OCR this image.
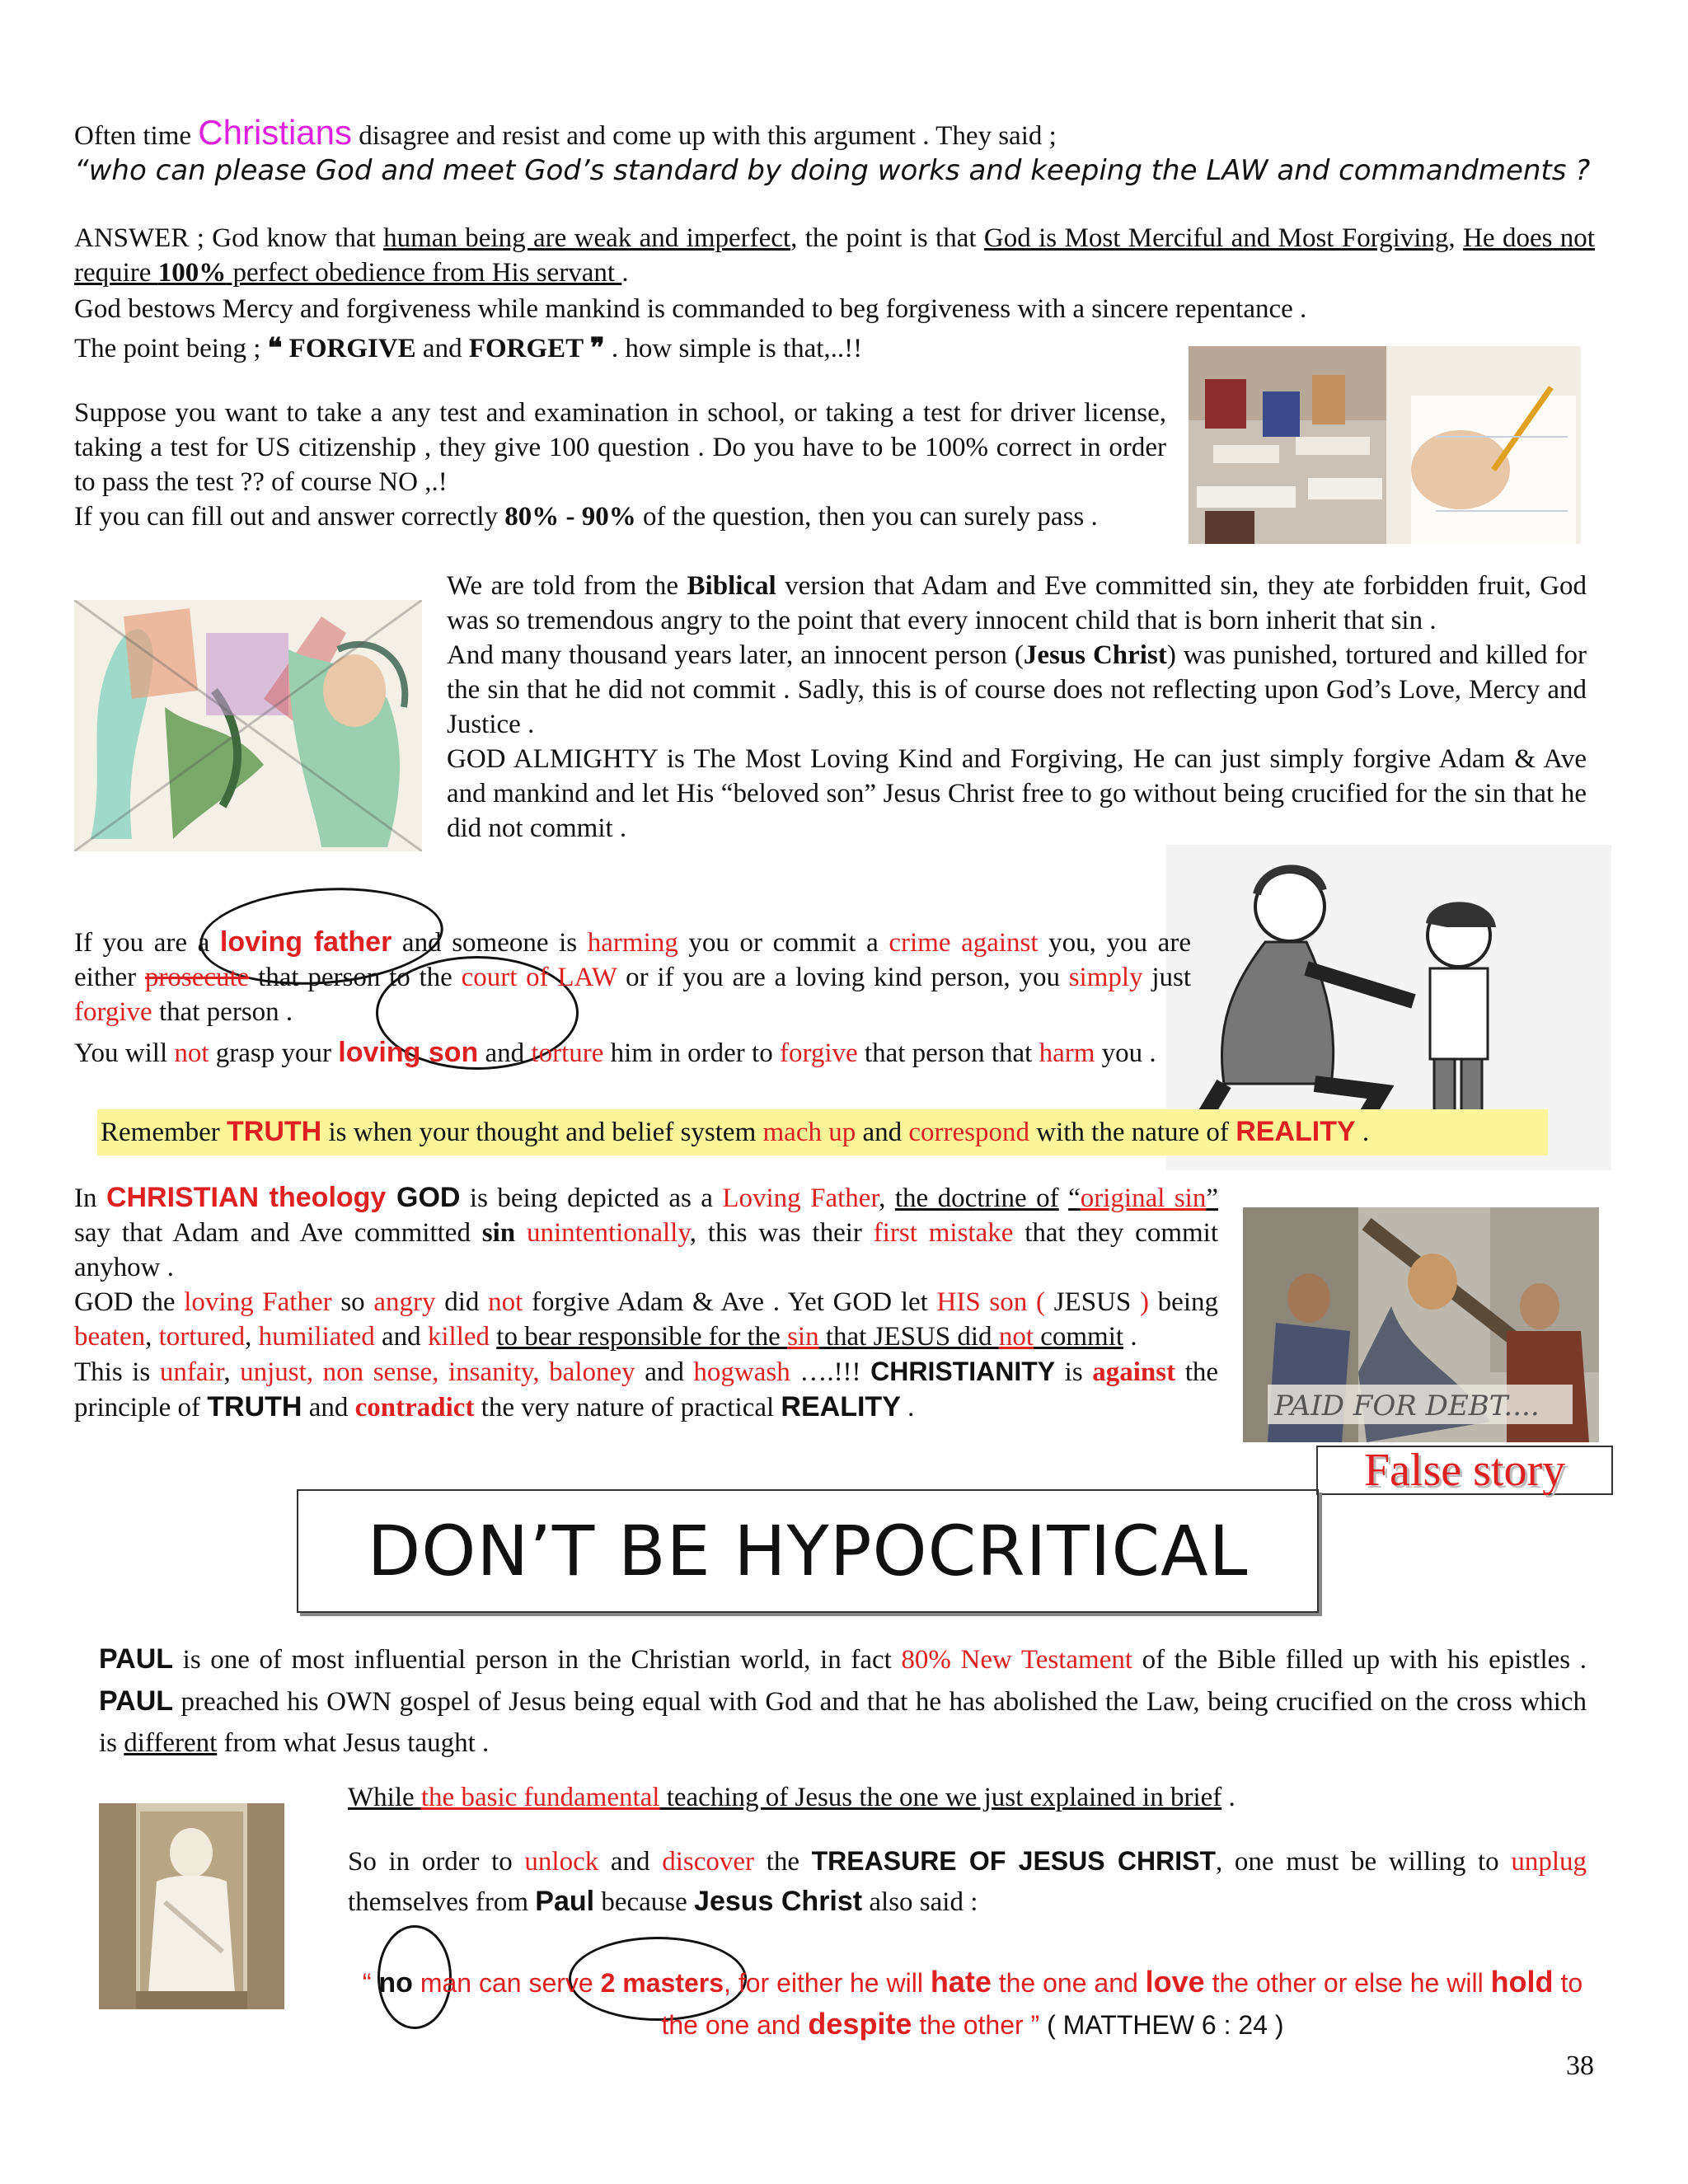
Often time Christians disagree and resist and come up with this argument . They said ;
“who can please God and meet God’s standard by doing works and keeping the LAW and commandments ?
ANSWER ; God know that human being are weak and imperfect, the point is that God is Most Merciful and Most Forgiving, He does not require 100% perfect obedience from His servant .
God bestows Mercy and forgiveness while mankind is commanded to beg forgiveness with a sincere repentance .
The point being ; ❝ FORGIVE and FORGET ❞ . how simple is that,..!!
Suppose you want to take a any test and examination in school, or taking a test for driver license, taking a test for US citizenship , they give 100 question . Do you have to be 100% correct in order to pass the test ?? of course NO ,.!
If you can fill out and answer correctly 80% - 90% of the question, then you can surely pass .
We are told from the Biblical version that Adam and Eve committed sin, they ate forbidden fruit, God was so tremendous angry to the point that every innocent child that is born inherit that sin .
And many thousand years later, an innocent person (Jesus Christ) was punished, tortured and killed for the sin that he did not commit . Sadly, this is of course does not reflecting upon God’s Love, Mercy and Justice .
GOD ALMIGHTY is The Most Loving Kind and Forgiving, He can just simply forgive Adam & Ave and mankind and let His “beloved son” Jesus Christ free to go without being crucified for the sin that he did not commit .
If you are a loving father and someone is harming you or commit a crime against you, you are either prosecute that person to the court of LAW or if you are a loving kind person, you simply just forgive that person .
You will not grasp your loving son and torture him in order to forgive that person that harm you .
Remember TRUTH is when your thought and belief system mach up and correspond with the nature of REALITY .
PAID FOR DEBT....
In CHRISTIAN theology GOD is being depicted as a Loving Father, the doctrine of “original sin” say that Adam and Ave committed sin unintentionally, this was their first mistake that they commit anyhow .
GOD the loving Father so angry did not forgive Adam & Ave . Yet GOD let HIS son ( JESUS ) being beaten, tortured, humiliated and killed to bear responsible for the sin that JESUS did not commit .
This is unfair, unjust, non sense, insanity, baloney and hogwash ….!!! CHRISTIANITY is against the principle of TRUTH and contradict the very nature of practical REALITY .
False story
DON’T BE HYPOCRITICAL
PAUL is one of most influential person in the Christian world, in fact 80% New Testament of the Bible filled up with his epistles . PAUL preached his OWN gospel of Jesus being equal with God and that he has abolished the Law, being crucified on the cross which is different from what Jesus taught .
While the basic fundamental teaching of Jesus the one we just explained in brief .
So in order to unlock and discover the TREASURE OF JESUS CHRIST, one must be willing to unplug themselves from Paul because Jesus Christ also said :
“ no man can serve 2 masters, for either he will hate the one and love the other or else he will hold to the one and despite the other ” ( MATTHEW 6 : 24 )
38
